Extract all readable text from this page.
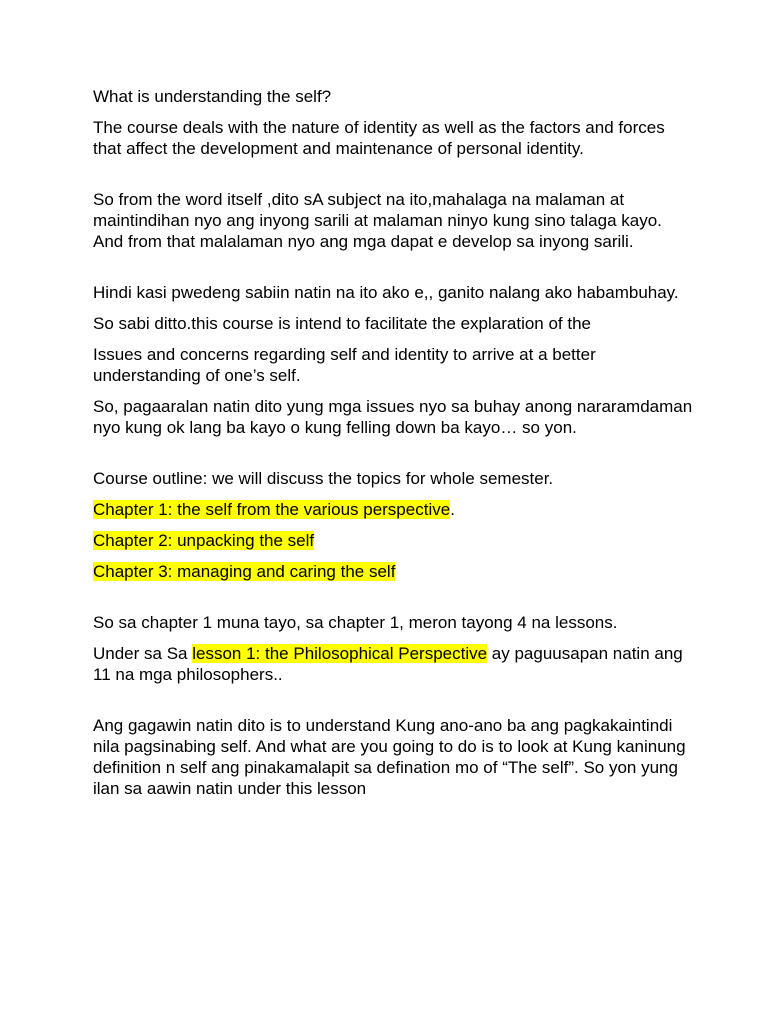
What is understanding the self?

The course deals with the nature of identity as well as the factors and forces that affect the development and maintenance of personal identity.

So from the word itself ,dito sA subject na ito,mahalaga na malaman at maintindihan nyo ang inyong sarili at malaman ninyo kung sino talaga kayo. And from that malalaman nyo ang mga dapat e develop sa inyong sarili.

Hindi kasi pwedeng sabiin natin na ito ako e,, ganito nalang ako habambuhay.

So sabi ditto.this course is intend to facilitate the explaration of the

Issues and concerns regarding self and identity to arrive at a better understanding of one’s self.

So, pagaaralan natin dito yung mga issues nyo sa buhay anong nararamdaman nyo kung ok lang ba kayo o kung felling down ba kayo… so yon.

Course outline: we will discuss the topics for whole semester.

Chapter 1: the self from the various perspective.

Chapter 2: unpacking the self

Chapter 3: managing and caring the self

So sa chapter 1 muna tayo, sa chapter 1, meron tayong 4 na lessons.

Under sa Sa lesson 1: the Philosophical Perspective ay paguusapan natin ang 11 na mga philosophers..

Ang gagawin natin dito is to understand Kung ano-ano ba ang pagkakaintindi nila pagsinabing self. And what are you going to do is to look at Kung kaninung definition n self ang pinakamalapit sa defination mo of “The self”. So yon yung ilan sa aawin natin under this lesson
